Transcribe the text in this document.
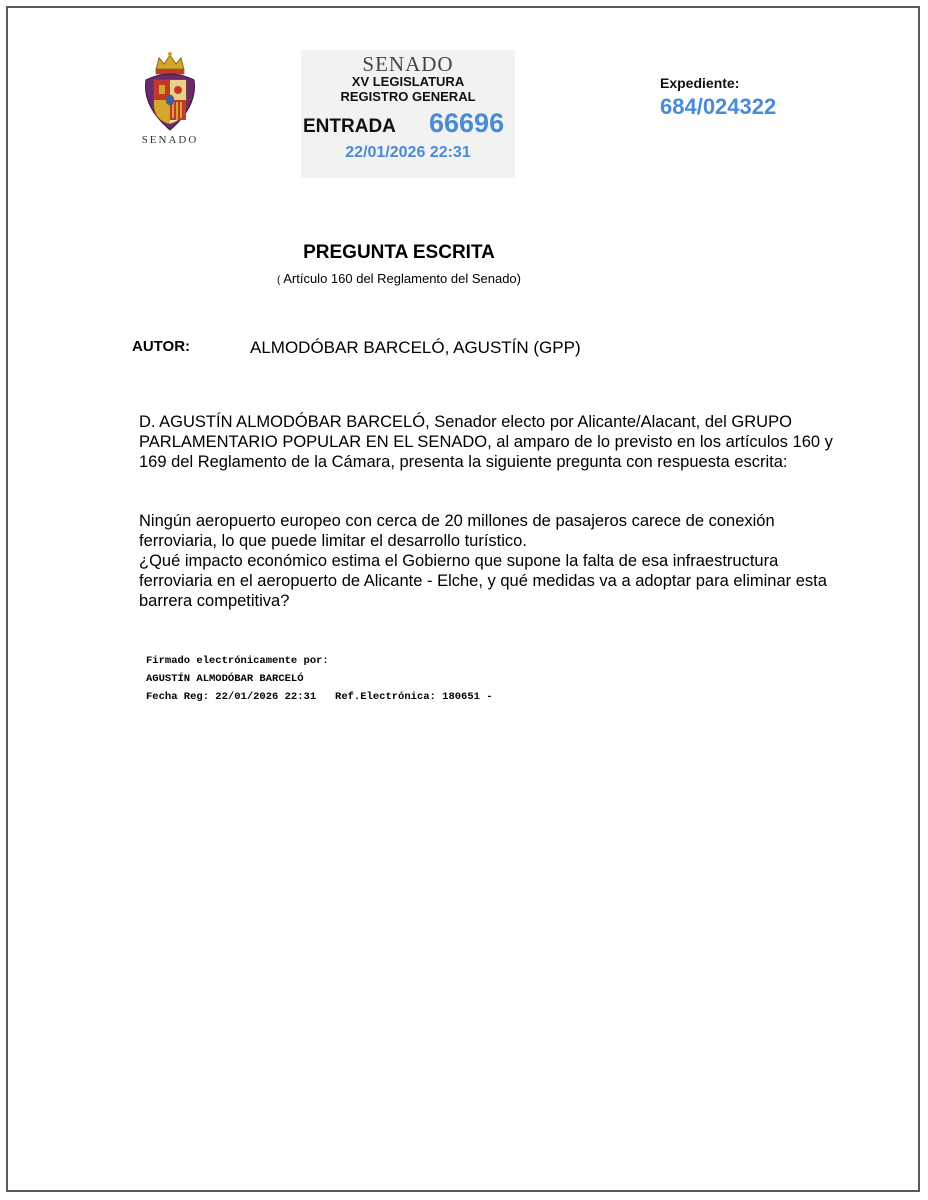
SENADO
SENADO
XV LEGISLATURA
REGISTRO GENERAL
ENTRADA 66696
22/01/2026 22:31
Expediente:
684/024322
PREGUNTA ESCRITA
( Artículo 160 del Reglamento del Senado)
AUTOR:	ALMODÓBAR BARCELÓ, AGUSTÍN (GPP)

D. AGUSTÍN ALMODÓBAR BARCELÓ, Senador electo por Alicante/Alacant, del GRUPO PARLAMENTARIO POPULAR EN EL SENADO, al amparo de lo previsto en los artículos 160 y 169 del Reglamento de la Cámara, presenta la siguiente pregunta con respuesta escrita:

Ningún aeropuerto europeo con cerca de 20 millones de pasajeros carece de conexión ferroviaria, lo que puede limitar el desarrollo turístico.
¿Qué impacto económico estima el Gobierno que supone la falta de esa infraestructura ferroviaria en el aeropuerto de Alicante - Elche, y qué medidas va a adoptar para eliminar esta barrera competitiva?
Firmado electrónicamente por:
AGUSTÍN ALMODÓBAR BARCELÓ
Fecha Reg: 22/01/2026 22:31   Ref.Electrónica: 180651 -
